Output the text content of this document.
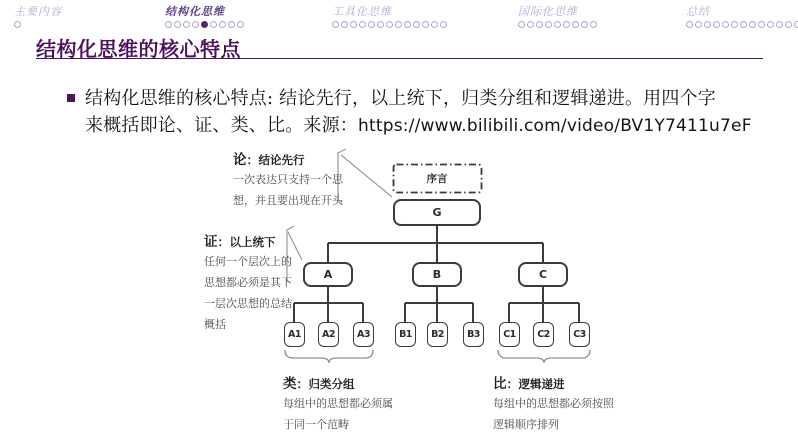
主要内容	结构化思维	工具化思维	国际化思维	总结
结构化思维的核心特点
结构化思维的核心特点: 结论先行，以上统下，归类分组和逻辑递进。用四个字
来概括即论、证、类、比。来源：https://www.bilibili.com/video/BV1Y7411u7eF
序言
G
A	B	C
A1	A2	A3	B1	B2	B3	C1	C2	C3
论：结论先行
一次表达只支持一个思
想，并且要出现在开头
证：以上统下
任何一个层次上的
思想都必须是其下
一层次思想的总结
概括
类：归类分组
每组中的思想都必须属
于同一个范畴
比：逻辑递进
每组中的思想都必须按照
逻辑顺序排列
